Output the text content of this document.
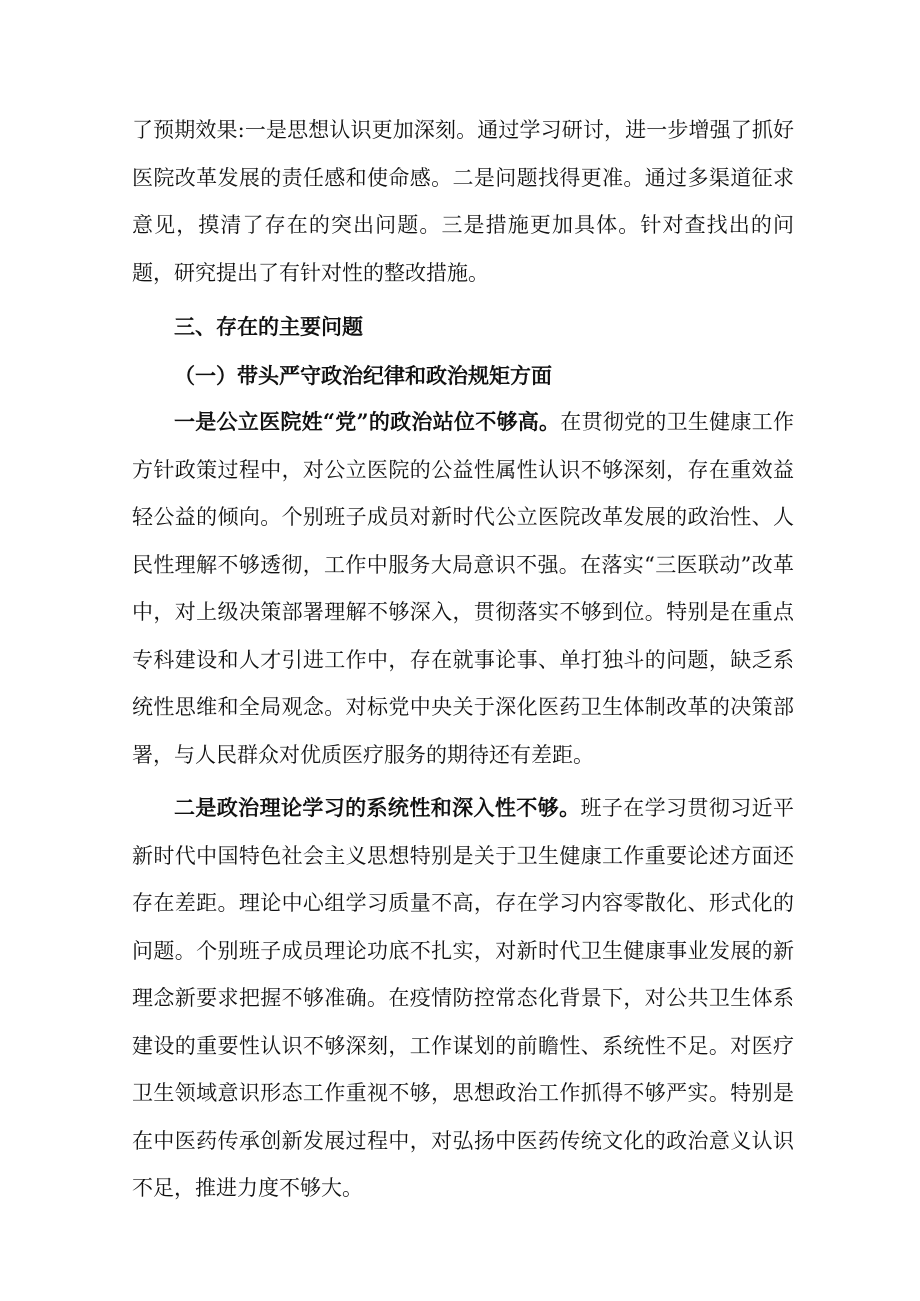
了预期效果:一是思想认识更加深刻。通过学习研讨，进一步增强了抓好医院改革发展的责任感和使命感。二是问题找得更准。通过多渠道征求意见，摸清了存在的突出问题。三是措施更加具体。针对查找出的问题，研究提出了有针对性的整改措施。

三、存在的主要问题
（一）带头严守政治纪律和政治规矩方面

一是公立医院姓“党”的政治站位不够高。在贯彻党的卫生健康工作方针政策过程中，对公立医院的公益性属性认识不够深刻，存在重效益轻公益的倾向。个别班子成员对新时代公立医院改革发展的政治性、人民性理解不够透彻，工作中服务大局意识不强。在落实“三医联动”改革中，对上级决策部署理解不够深入，贯彻落实不够到位。特别是在重点专科建设和人才引进工作中，存在就事论事、单打独斗的问题，缺乏系统性思维和全局观念。对标党中央关于深化医药卫生体制改革的决策部署，与人民群众对优质医疗服务的期待还有差距。

二是政治理论学习的系统性和深入性不够。班子在学习贯彻习近平新时代中国特色社会主义思想特别是关于卫生健康工作重要论述方面还存在差距。理论中心组学习质量不高，存在学习内容零散化、形式化的问题。个别班子成员理论功底不扎实，对新时代卫生健康事业发展的新理念新要求把握不够准确。在疫情防控常态化背景下，对公共卫生体系建设的重要性认识不够深刻，工作谋划的前瞻性、系统性不足。对医疗卫生领域意识形态工作重视不够，思想政治工作抓得不够严实。特别是在中医药传承创新发展过程中，对弘扬中医药传统文化的政治意义认识不足，推进力度不够大。
